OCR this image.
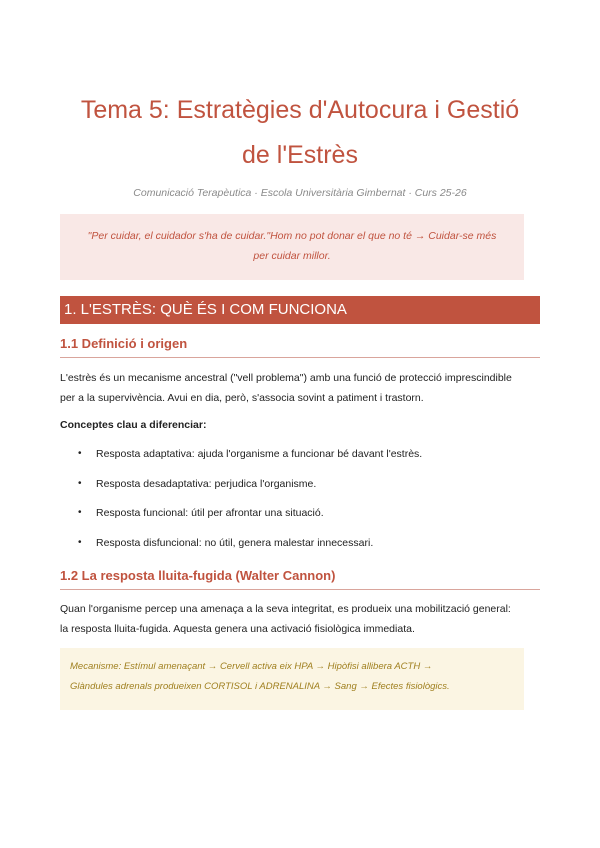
Tema 5: Estratègies d'Autocura i Gestió
de l'Estrès

Comunicació Terapèutica · Escola Universitària Gimbernat · Curs 25-26

"Per cuidar, el cuidador s'ha de cuidar."Hom no pot donar el que no té → Cuidar-se més
per cuidar millor.
1. L'ESTRÈS: QUÈ ÉS I COM FUNCIONA
1.1 Definició i origen

L'estrès és un mecanisme ancestral ("vell problema") amb una funció de protecció imprescindible
per a la supervivència. Avui en dia, però, s'associa sovint a patiment i trastorn.

Conceptes clau a diferenciar:

• Resposta adaptativa: ajuda l'organisme a funcionar bé davant l'estrès.
• Resposta desadaptativa: perjudica l'organisme.
• Resposta funcional: útil per afrontar una situació.
• Resposta disfuncional: no útil, genera malestar innecessari.
1.2 La resposta lluita-fugida (Walter Cannon)

Quan l'organisme percep una amenaça a la seva integritat, es produeix una mobilització general:
la resposta lluita-fugida. Aquesta genera una activació fisiològica immediata.

Mecanisme: Estímul amenaçant → Cervell activa eix HPA → Hipòfisi allibera ACTH →
Glàndules adrenals produeixen CORTISOL i ADRENALINA → Sang → Efectes fisiològics.
